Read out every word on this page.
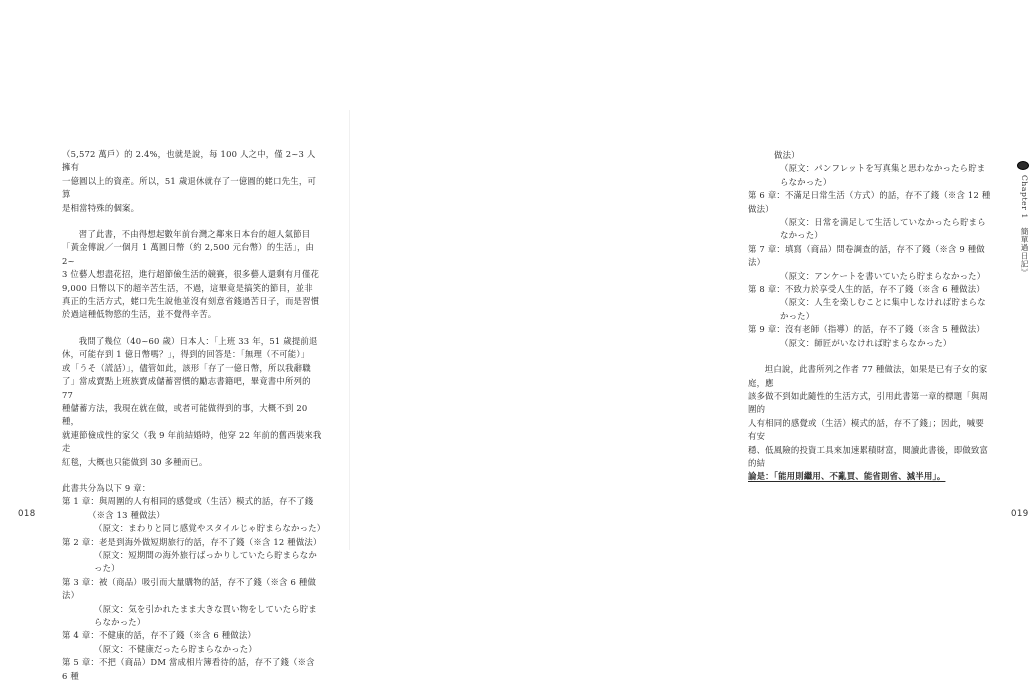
（5,572 萬戶）的 2.4%，也就是說，每 100 人之中，僅 2~3 人擁有

一億圓以上的資產。所以，51 歲退休就存了一億圓的蛯口先生，可算

是相當特殊的個案。

習了此書，不由得想起數年前台灣之鄰來日本台的超人氣節目

「黃金傳說／一個月 1 萬圓日幣（約 2,500 元台幣）的生活」，由 2~

3 位藝人想盡花招，進行超節儉生活的競賽，很多藝人還剩有月僅花

9,000 日幣以下的超辛苦生活，不過，這畢竟是搞笑的節目，並非

真正的生活方式，蛯口先生說他並沒有刻意省錢過苦日子，而是習慣

於過這種低物慾的生活，並不覺得辛苦。

我問了幾位（40~60 歲）日本人：「上班 33 年，51 歲提前退

休，可能存到 1 億日幣嗎？」，得到的回答是：「無理（不可能）」

或「うそ（謊話）」，儘管如此，該形「存了一億日幣，所以我辭職

了」當成賣點上班族賣成儲蓄習慣的勵志書籍吧，畢竟書中所列的 77

種儲蓄方法，我現在就在做，或者可能做得到的事，大概不到 20 種，

就連節儉成性的家父（我 9 年前結婚時，他穿 22 年前的舊西裝來我走

紅毯，大概也只能做到 30 多種而已。

此書共分為以下 9 章：

第 1 章：與周圍的人有相同的感覺或（生活）模式的話，存不了錢

（※含 13 種做法）

（原文：まわりと同じ感覚やスタイルじゃ貯まらなかった）

第 2 章：老是到海外做短期旅行的話，存不了錢（※含 12 種做法）

（原文：短期間の海外旅行ばっかりしていたら貯まらなかった）

第 3 章：被（商品）吸引而大量購物的話，存不了錢（※含 6 種做法）

（原文：気を引かれたまま大きな買い物をしていたら貯まらなかった）

第 4 章：不健康的話，存不了錢（※含 6 種做法）

（原文：不健康だったら貯まらなかった）

第 5 章：不把（商品）DM 當成相片簿看待的話，存不了錢（※含 6 種

018

做法）

（原文：パンフレットを写真集と思わなかったら貯まらなかった）

第 6 章：不滿足日常生活（方式）的話，存不了錢（※含 12 種做法）

（原文：日常を満足して生活していなかったら貯まらなかった）

第 7 章：填寫（商品）問卷調查的話，存不了錢（※含 9 種做法）

（原文：アンケートを書いていたら貯まらなかった）

第 8 章：不致力於享受人生的話，存不了錢（※含 6 種做法）

（原文：人生を楽しむことに集中しなければ貯まらなかった）

第 9 章：沒有老師（指導）的話，存不了錢（※含 5 種做法）

（原文：師匠がいなければ貯まらなかった）

坦白說，此書所列之作者 77 種做法，如果是已有子女的家庭，應

該多做不到如此隨性的生活方式，引用此書第一章的標題「與周圍的

人有相同的感覺或（生活）模式的話，存不了錢」；因此，喊要有安

穩、低風險的投資工具來加速累積財富，閱讀此書後，即做致富的結

論是：「能用則繼用、不亂買、能省則省、減半用」。

Chapter 1　簡單過日記》
019
